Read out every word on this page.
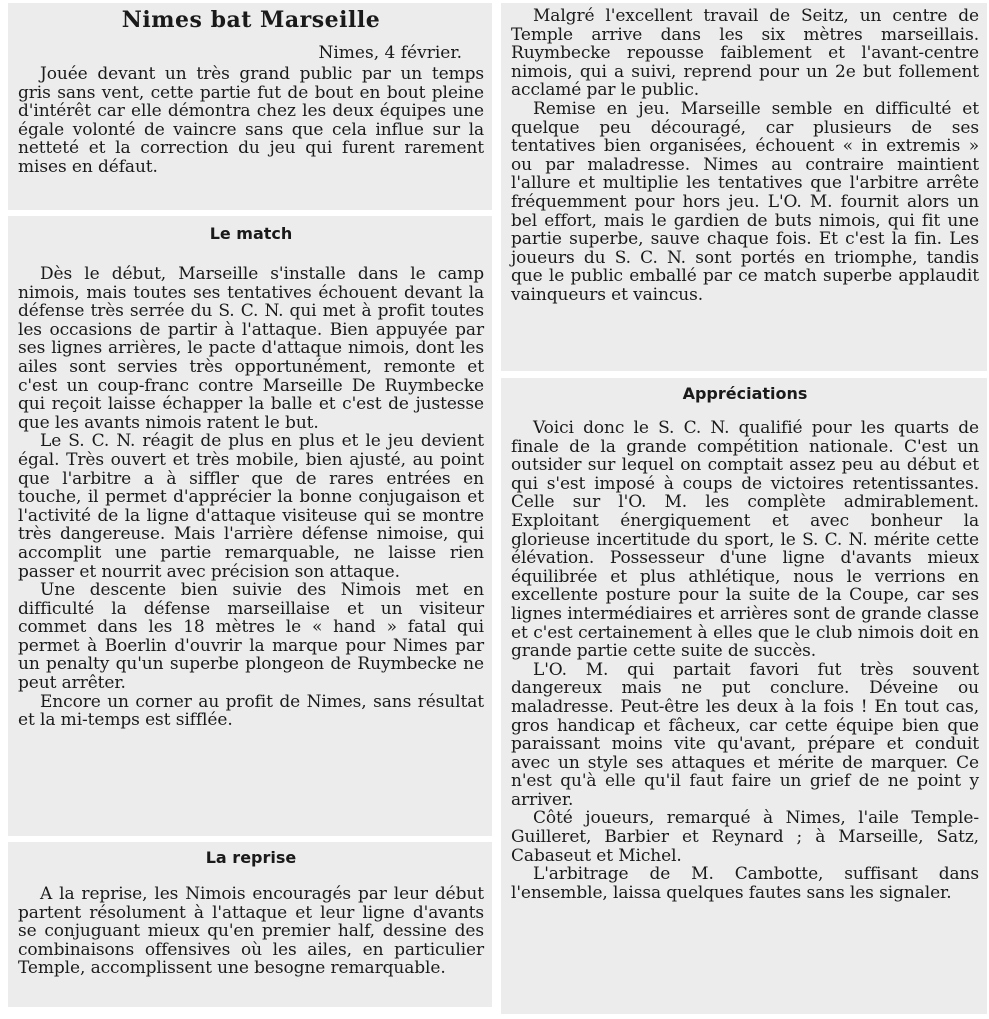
Nimes bat Marseille
Nimes, 4 février.

Jouée devant un très grand public par un temps gris sans vent, cette partie fut de bout en bout pleine d'intérêt car elle démontra chez les deux équipes une égale volonté de vaincre sans que cela influe sur la netteté et la correction du jeu qui furent rarement mises en défaut.

Le match

Dès le début, Marseille s'installe dans le camp nimois, mais toutes ses tentatives échouent devant la défense très serrée du S. C. N. qui met à profit toutes les occasions de partir à l'attaque. Bien appuyée par ses lignes arrières, le pacte d'attaque nimois, dont les ailes sont servies très opportunément, remonte et c'est un coup-franc contre Marseille De Ruymbecke qui reçoit laisse échapper la balle et c'est de justesse que les avants nimois ratent le but.

Le S. C. N. réagit de plus en plus et le jeu devient égal. Très ouvert et très mobile, bien ajusté, au point que l'arbitre a à siffler que de rares entrées en touche, il permet d'apprécier la bonne conjugaison et l'activité de la ligne d'attaque visiteuse qui se montre très dangereuse. Mais l'arrière défense nimoise, qui accomplit une partie remarquable, ne laisse rien passer et nourrit avec précision son attaque.

Une descente bien suivie des Nimois met en difficulté la défense marseillaise et un visiteur commet dans les 18 mètres le « hand » fatal qui permet à Boerlin d'ouvrir la marque pour Nimes par un penalty qu'un superbe plongeon de Ruymbecke ne peut arrêter.

Encore un corner au profit de Nimes, sans résultat et la mi-temps est sifflée.

La reprise

A la reprise, les Nimois encouragés par leur début partent résolument à l'attaque et leur ligne d'avants se conjuguant mieux qu'en premier half, dessine des combinaisons offensives où les ailes, en particulier Temple, accomplissent une besogne remarquable.

Malgré l'excellent travail de Seitz, un centre de Temple arrive dans les six mètres marseillais. Ruymbecke repousse faiblement et l'avant-centre nimois, qui a suivi, reprend pour un 2e but follement acclamé par le public.

Remise en jeu. Marseille semble en difficulté et quelque peu découragé, car plusieurs de ses tentatives bien organisées, échouent « in extremis » ou par maladresse. Nimes au contraire maintient l'allure et multiplie les tentatives que l'arbitre arrête fréquemment pour hors jeu. L'O. M. fournit alors un bel effort, mais le gardien de buts nimois, qui fit une partie superbe, sauve chaque fois. Et c'est la fin. Les joueurs du S. C. N. sont portés en triomphe, tandis que le public emballé par ce match superbe applaudit vainqueurs et vaincus.

Appréciations

Voici donc le S. C. N. qualifié pour les quarts de finale de la grande compétition nationale. C'est un outsider sur lequel on comptait assez peu au début et qui s'est imposé à coups de victoires retentissantes. Celle sur l'O. M. les complète admirablement. Exploitant énergiquement et avec bonheur la glorieuse incertitude du sport, le S. C. N. mérite cette élévation. Possesseur d'une ligne d'avants mieux équilibrée et plus athlétique, nous le verrions en excellente posture pour la suite de la Coupe, car ses lignes intermédiaires et arrières sont de grande classe et c'est certainement à elles que le club nimois doit en grande partie cette suite de succès.

L'O. M. qui partait favori fut très souvent dangereux mais ne put conclure. Déveine ou maladresse. Peut-être les deux à la fois ! En tout cas, gros handicap et fâcheux, car cette équipe bien que paraissant moins vite qu'avant, prépare et conduit avec un style ses attaques et mérite de marquer. Ce n'est qu'à elle qu'il faut faire un grief de ne point y arriver.

Côté joueurs, remarqué à Nimes, l'aile Temple-Guilleret, Barbier et Reynard ; à Marseille, Satz, Cabaseut et Michel.

L'arbitrage de M. Cambotte, suffisant dans l'ensemble, laissa quelques fautes sans les signaler.
